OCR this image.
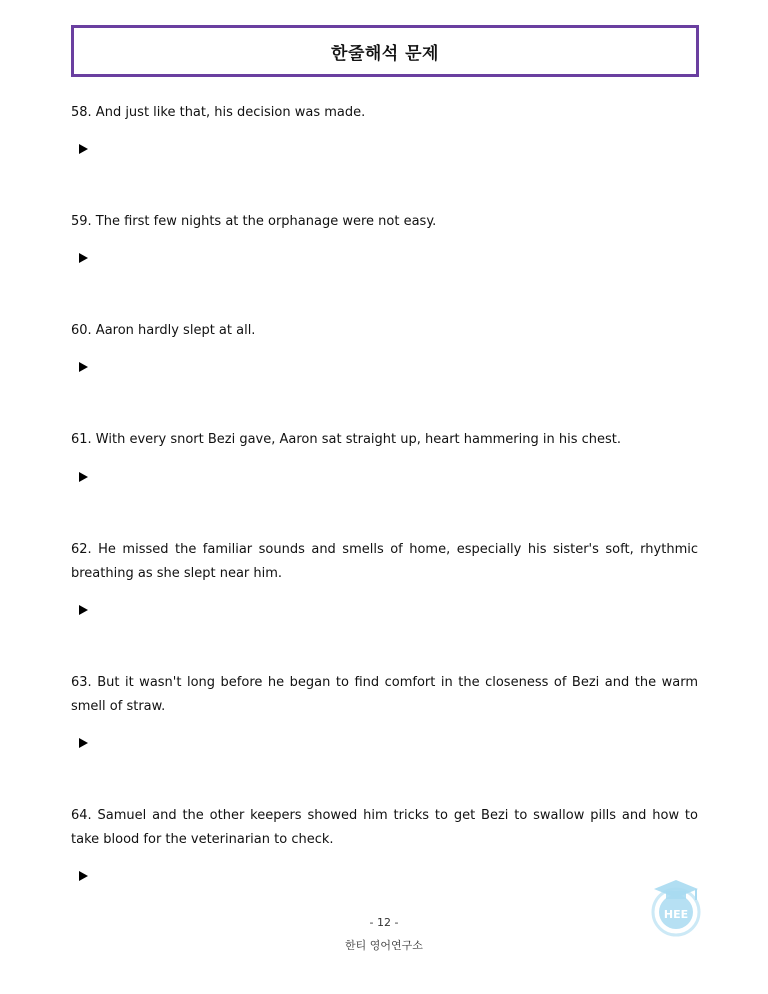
한줄해석 문제

58. And just like that, his decision was made.

59. The first few nights at the orphanage were not easy.

60. Aaron hardly slept at all.

61. With every snort Bezi gave, Aaron sat straight up, heart hammering in his chest.

62. He missed the familiar sounds and smells of home, especially his sister's soft, rhythmic breathing as she slept near him.

63. But it wasn't long before he began to find comfort in the closeness of Bezi and the warm smell of straw.

64. Samuel and the other keepers showed him tricks to get Bezi to swallow pills and how to take blood for the veterinarian to check.

HEE
- 12 -
한티 영어연구소
